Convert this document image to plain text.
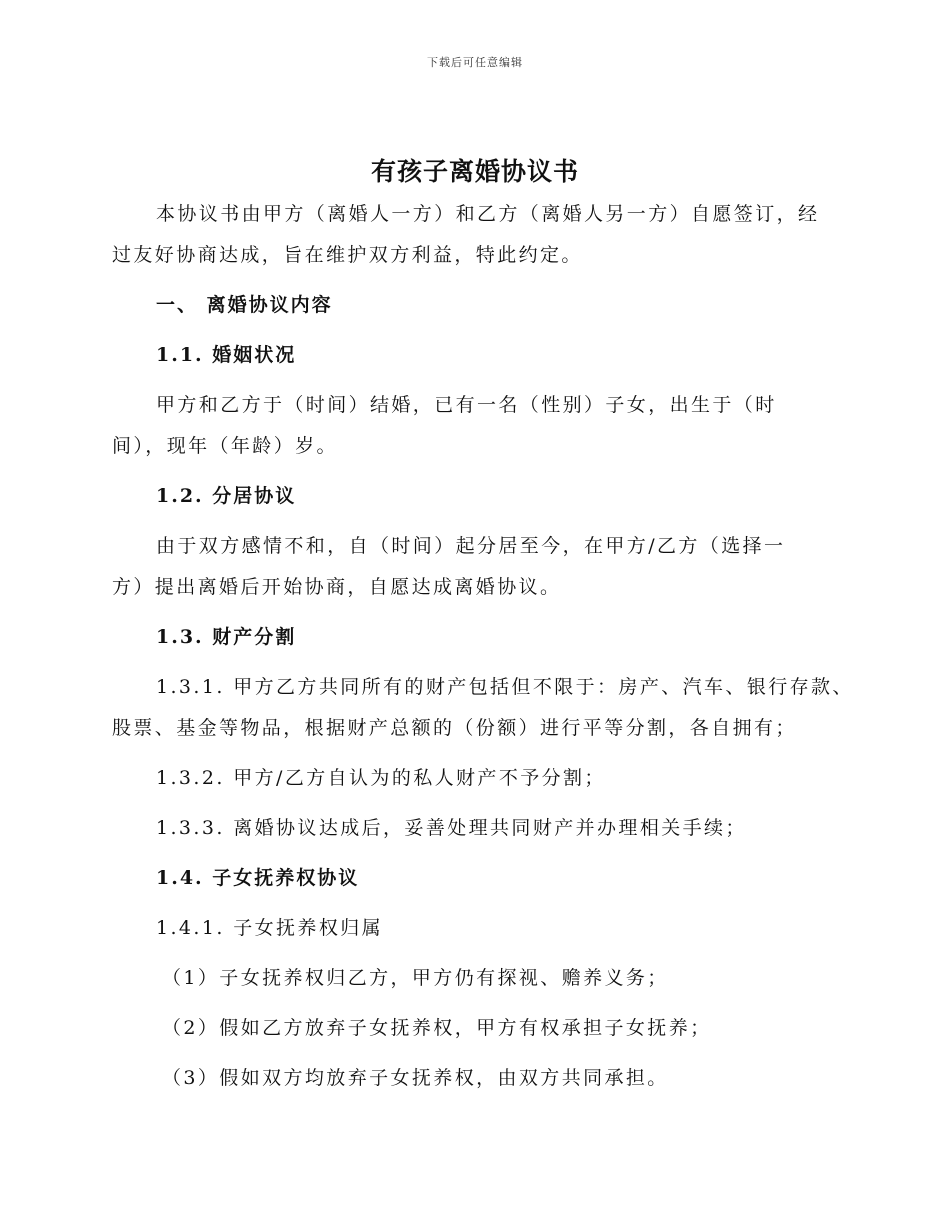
下载后可任意编辑
有孩子离婚协议书

本协议书由甲方（离婚人一方）和乙方（离婚人另一方）自愿签订，经

过友好协商达成，旨在维护双方利益，特此约定。

一、 离婚协议内容

1.1. 婚姻状况

甲方和乙方于（时间）结婚，已有一名（性别）子女，出生于（时

间），现年（年龄）岁。

1.2. 分居协议

由于双方感情不和，自（时间）起分居至今，在甲方/乙方（选择一

方）提出离婚后开始协商，自愿达成离婚协议。

1.3. 财产分割

1.3.1. 甲方乙方共同所有的财产包括但不限于：房产、汽车、银行存款、

股票、基金等物品，根据财产总额的（份额）进行平等分割，各自拥有；

1.3.2. 甲方/乙方自认为的私人财产不予分割；

1.3.3. 离婚协议达成后，妥善处理共同财产并办理相关手续；

1.4. 子女抚养权协议

1.4.1. 子女抚养权归属

（1）子女抚养权归乙方，甲方仍有探视、赡养义务；

（2）假如乙方放弃子女抚养权，甲方有权承担子女抚养；

（3）假如双方均放弃子女抚养权，由双方共同承担。
